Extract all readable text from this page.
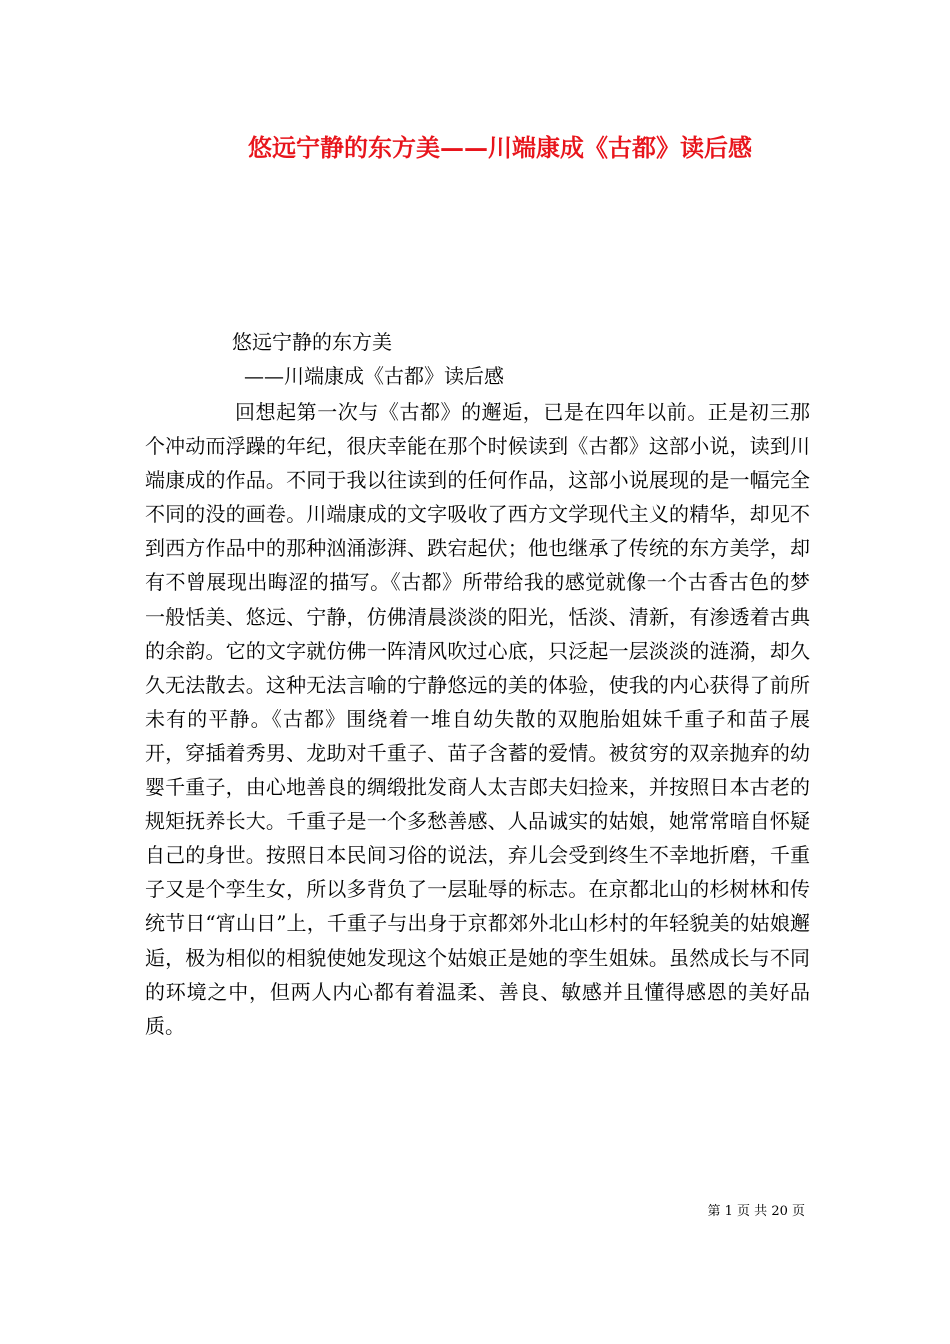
悠远宁静的东方美——川端康成《古都》读后感
悠远宁静的东方美
——川端康成《古都》读后感

回想起第一次与《古都》的邂逅，已是在四年以前。正是初三那个冲动而浮躁的年纪，很庆幸能在那个时候读到《古都》这部小说，读到川端康成的作品。不同于我以往读到的任何作品，这部小说展现的是一幅完全不同的没的画卷。川端康成的文字吸收了西方文学现代主义的精华，却见不到西方作品中的那种汹涌澎湃、跌宕起伏；他也继承了传统的东方美学，却有不曾展现出晦涩的描写。《古都》所带给我的感觉就像一个古香古色的梦一般恬美、悠远、宁静，仿佛清晨淡淡的阳光，恬淡、清新，有渗透着古典的余韵。它的文字就仿佛一阵清风吹过心底，只泛起一层淡淡的涟漪，却久久无法散去。这种无法言喻的宁静悠远的美的体验，使我的内心获得了前所未有的平静。《古都》围绕着一堆自幼失散的双胞胎姐妹千重子和苗子展开，穿插着秀男、龙助对千重子、苗子含蓄的爱情。被贫穷的双亲抛弃的幼婴千重子，由心地善良的绸缎批发商人太吉郎夫妇捡来，并按照日本古老的规矩抚养长大。千重子是一个多愁善感、人品诚实的姑娘，她常常暗自怀疑自己的身世。按照日本民间习俗的说法，弃儿会受到终生不幸地折磨，千重子又是个孪生女，所以多背负了一层耻辱的标志。在京都北山的杉树林和传统节日“宵山日”上，千重子与出身于京都郊外北山杉村的年轻貌美的姑娘邂逅，极为相似的相貌使她发现这个姑娘正是她的孪生姐妹。虽然成长与不同的环境之中，但两人内心都有着温柔、善良、敏感并且懂得感恩的美好品质。

第 1 页 共 20 页
